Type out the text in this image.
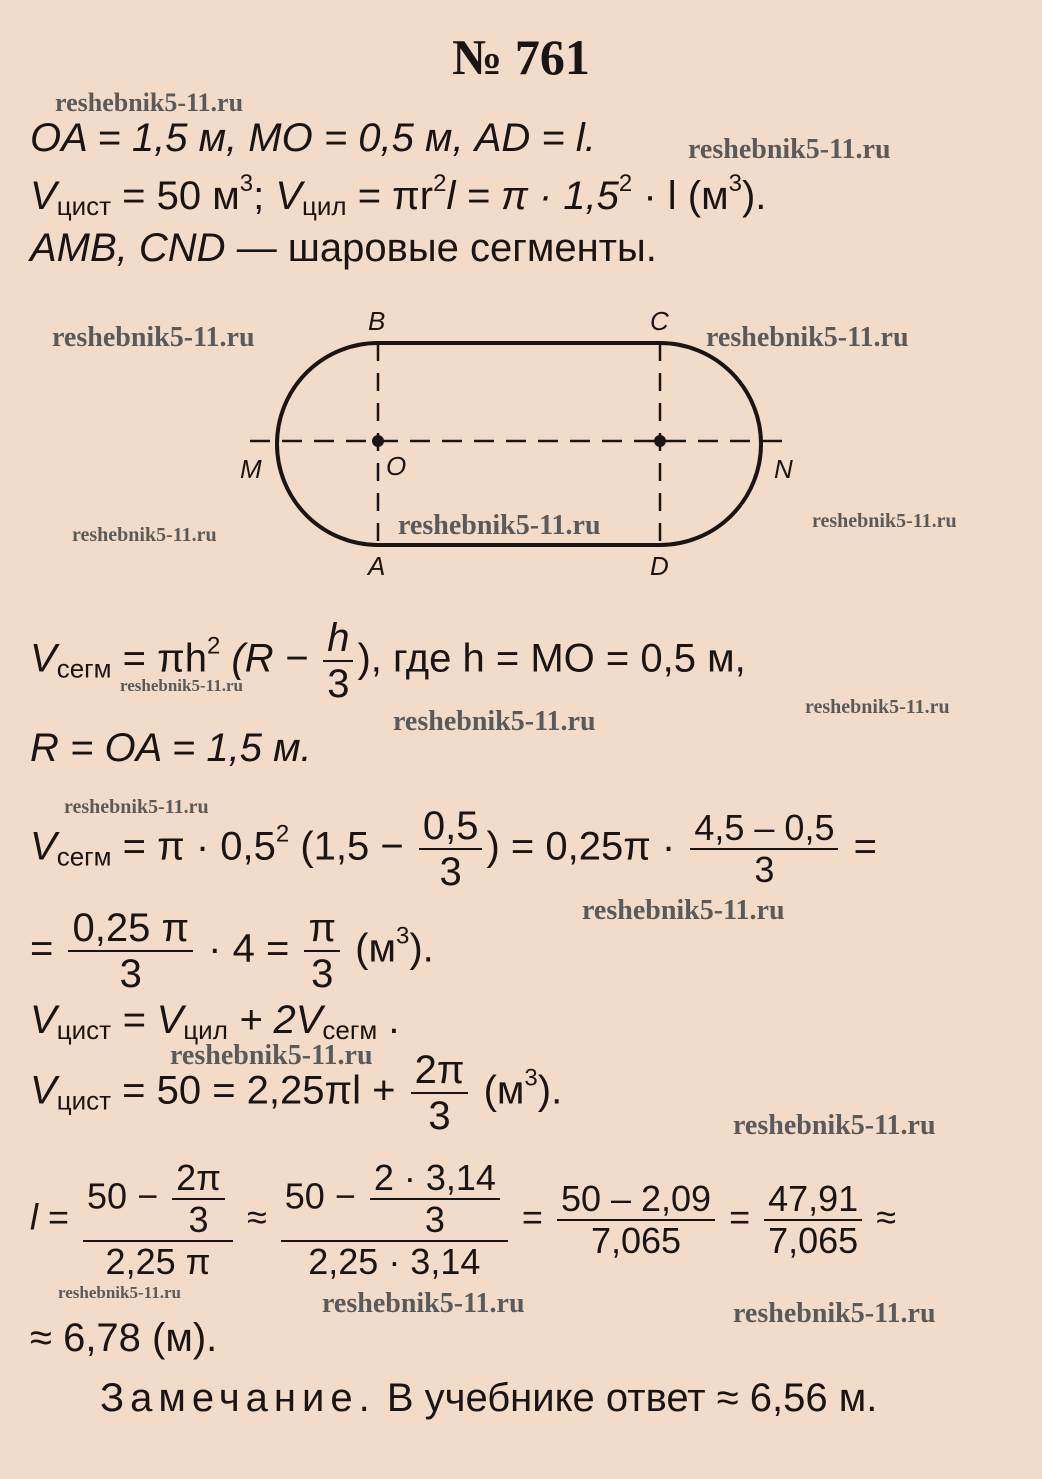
№ 761
reshebnik5-11.ru
reshebnik5-11.ru
reshebnik5-11.ru	reshebnik5-11.ru
reshebnik5-11.ru	reshebnik5-11.ru	reshebnik5-11.ru
reshebnik5-11.ru
reshebnik5-11.ru	reshebnik5-11.ru
reshebnik5-11.ru
reshebnik5-11.ru
reshebnik5-11.ru
reshebnik5-11.ru
reshebnik5-11.ru	reshebnik5-11.ru	reshebnik5-11.ru
OA = 1,5 м, MO = 0,5 м, AD = l.
$V_{цист} = 50$ $м^3$; $V_{цил} = \pi r^2l = \pi \cdot 1,5^2 \cdot l$ $(м^3)$.
AMB, CND — шаровые сегменты.
B	C
M	O	N
A	D
$V_{сегм} = \pi h^2$ ($R - \frac{h}{3}$ ), где h = MO = 0,5 м,
R = OA = 1,5 м.
$V_{сегм} = \pi \cdot 0,5^2$ ($1,5 - \frac{0,5}{3}$ ) = $0,25\pi \cdot \frac{4,5 - 0,5}{3}$ =
= $\frac{0,25 \pi}{3} \cdot 4 = \frac{\pi}{3} (м^3)$.
$V_{цист} = V_{цил} + 2V_{сегм}$ .
$V_{цист} = 50 = 2,25\pi l + \frac{2\pi}{3} (м^3)$.
$l = \frac{50 - \frac{2\pi}{3}}{2,25 \pi} \approx \frac{50 - \frac{2 \cdot 3,14}{3}}{2,25 \cdot 3,14} = \frac{50 - 2,09}{7,065} = \frac{47,91}{7,065}$ ≈
≈ 6,78 (м).
Замечание. В учебнике ответ ≈ 6,56 м.
